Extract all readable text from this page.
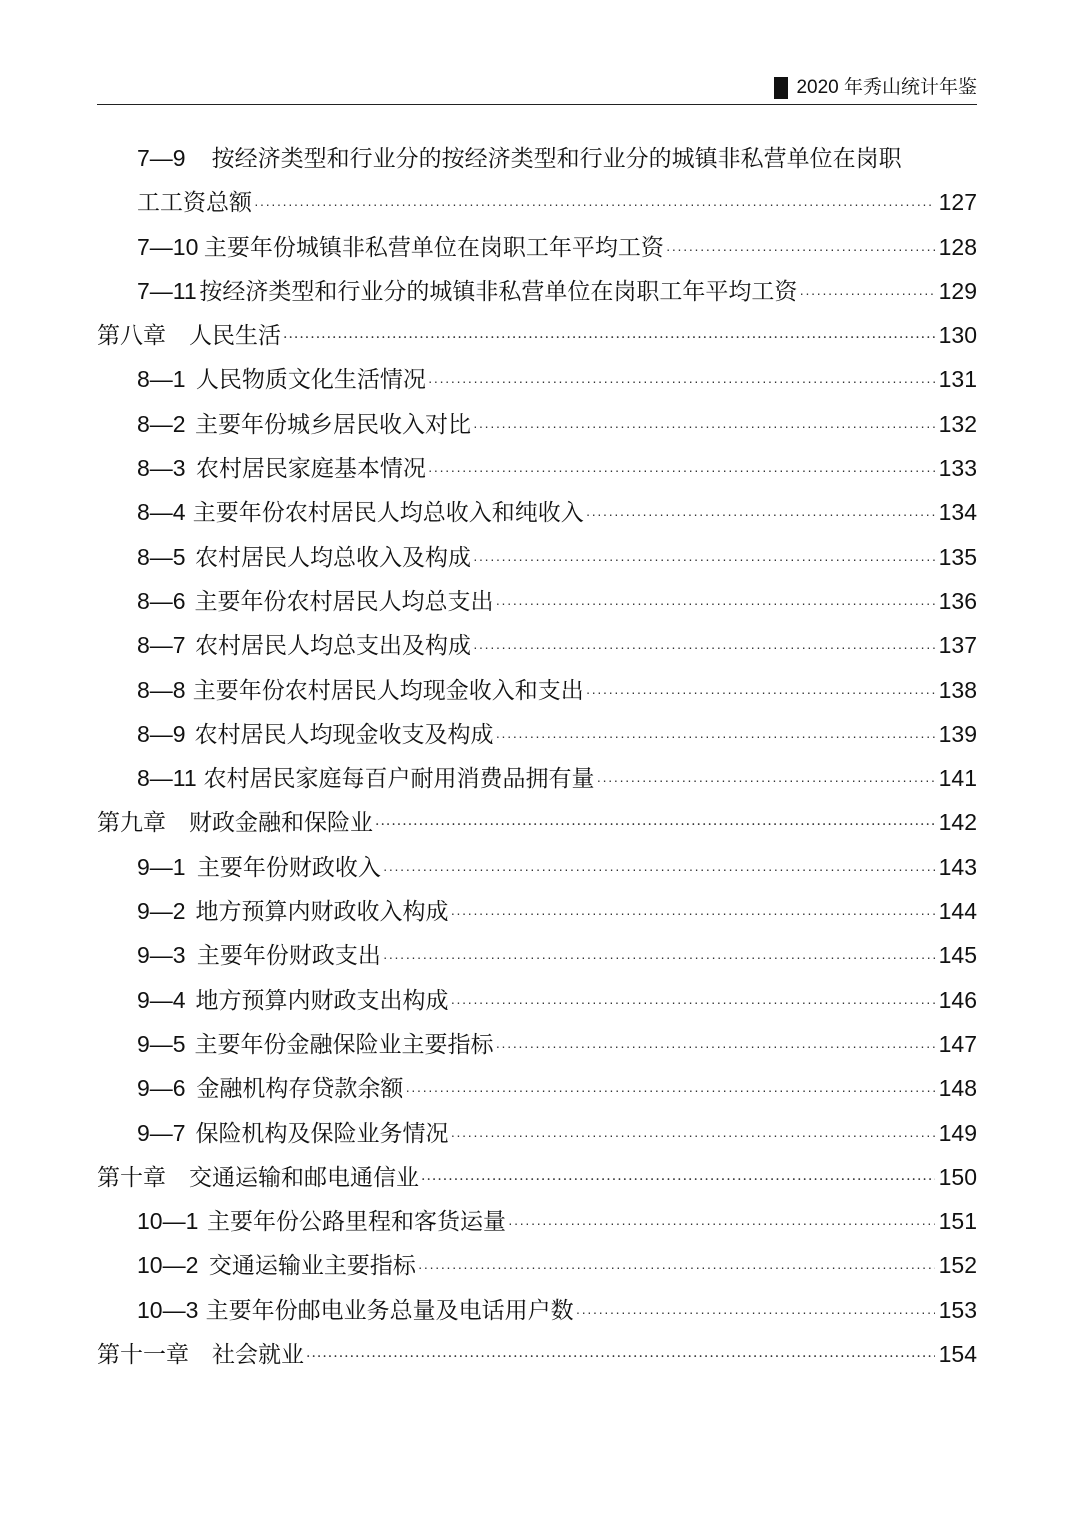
2020 年秀山统计年鉴
7—9 按经济类型和行业分的按经济类型和行业分的城镇非私营单位在岗职
工工资总额 ·····	127
7—10 主要年份城镇非私营单位在岗职工年平均工资 ·····	128
7—11 按经济类型和行业分的城镇非私营单位在岗职工年平均工资 ·····	129
第八章　人民生活 ·····	130
8—1 人民物质文化生活情况 ·····	131
8—2 主要年份城乡居民收入对比 ·····	132
8—3 农村居民家庭基本情况 ·····	133
8—4 主要年份农村居民人均总收入和纯收入 ·····	134
8—5 农村居民人均总收入及构成 ·····	135
8—6 主要年份农村居民人均总支出 ·····	136
8—7 农村居民人均总支出及构成 ·····	137
8—8 主要年份农村居民人均现金收入和支出 ·····	138
8—9 农村居民人均现金收支及构成 ·····	139
8—11 农村居民家庭每百户耐用消费品拥有量 ·····	141
第九章　财政金融和保险业 ·····	142
9—1 主要年份财政收入 ·····	143
9—2 地方预算内财政收入构成 ·····	144
9—3 主要年份财政支出 ·····	145
9—4 地方预算内财政支出构成 ·····	146
9—5 主要年份金融保险业主要指标 ·····	147
9—6 金融机构存贷款余额 ·····	148
9—7 保险机构及保险业务情况 ·····	149
第十章　交通运输和邮电通信业 ·····	150
10—1 主要年份公路里程和客货运量 ·····	151
10—2 交通运输业主要指标 ·····	152
10—3 主要年份邮电业务总量及电话用户数 ·····	153
第十一章　社会就业 ·····	154
